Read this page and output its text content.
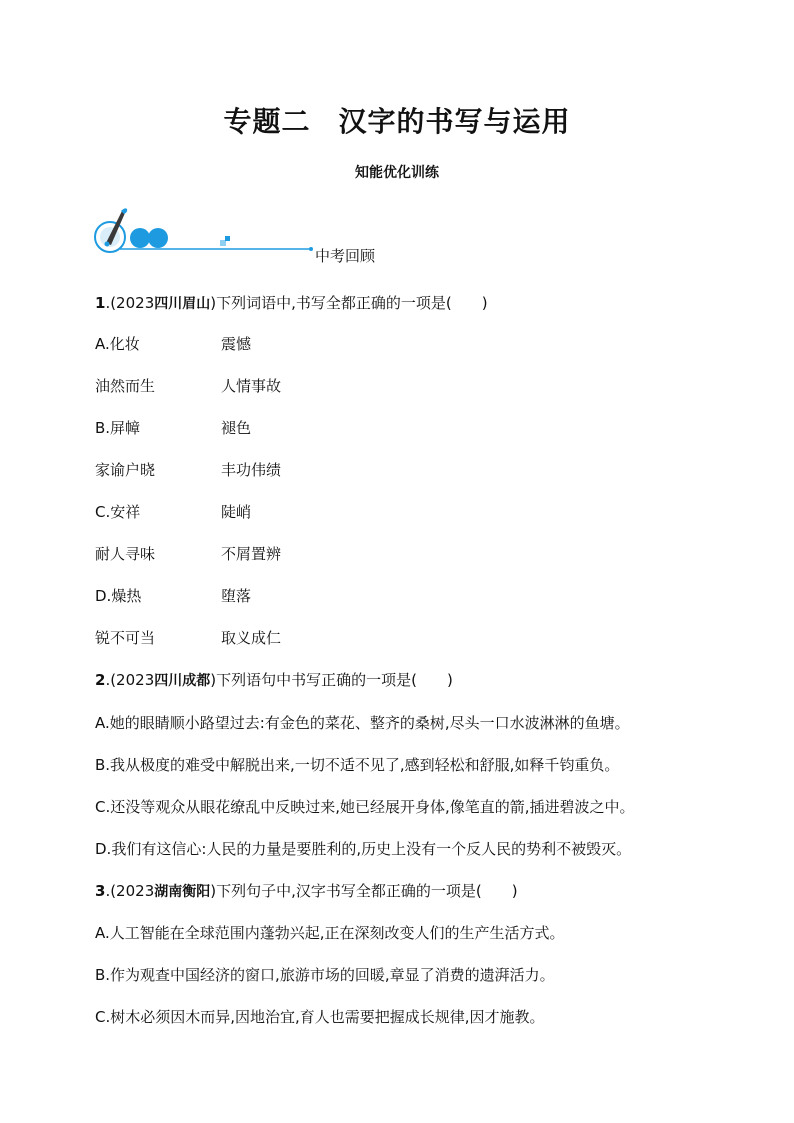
专题二 汉字的书写与运用
知能优化训练
中考回顾
1.(2023四川眉山)下列词语中,书写全都正确的一项是(　　)
A.化妆	震憾
油然而生	人情事故
B.屏幛	褪色
家谕户晓	丰功伟绩
C.安祥	陡峭
耐人寻味	不屑置辨
D.燥热	堕落
锐不可当	取义成仁
2.(2023四川成都)下列语句中书写正确的一项是(　　)
A.她的眼睛顺小路望过去:有金色的菜花、整齐的桑树,尽头一口水波淋淋的鱼塘。
B.我从极度的难受中解脱出来,一切不适不见了,感到轻松和舒服,如释千钧重负。
C.还没等观众从眼花缭乱中反映过来,她已经展开身体,像笔直的箭,插进碧波之中。
D.我们有这信心:人民的力量是要胜利的,历史上没有一个反人民的势利不被毁灭。
3.(2023湖南衡阳)下列句子中,汉字书写全都正确的一项是(　　)
A.人工智能在全球范围内蓬勃兴起,正在深刻改变人们的生产生活方式。
B.作为观查中国经济的窗口,旅游市场的回暖,章显了消费的遗湃活力。
C.树木必须因木而异,因地治宜,育人也需要把握成长规律,因才施教。
